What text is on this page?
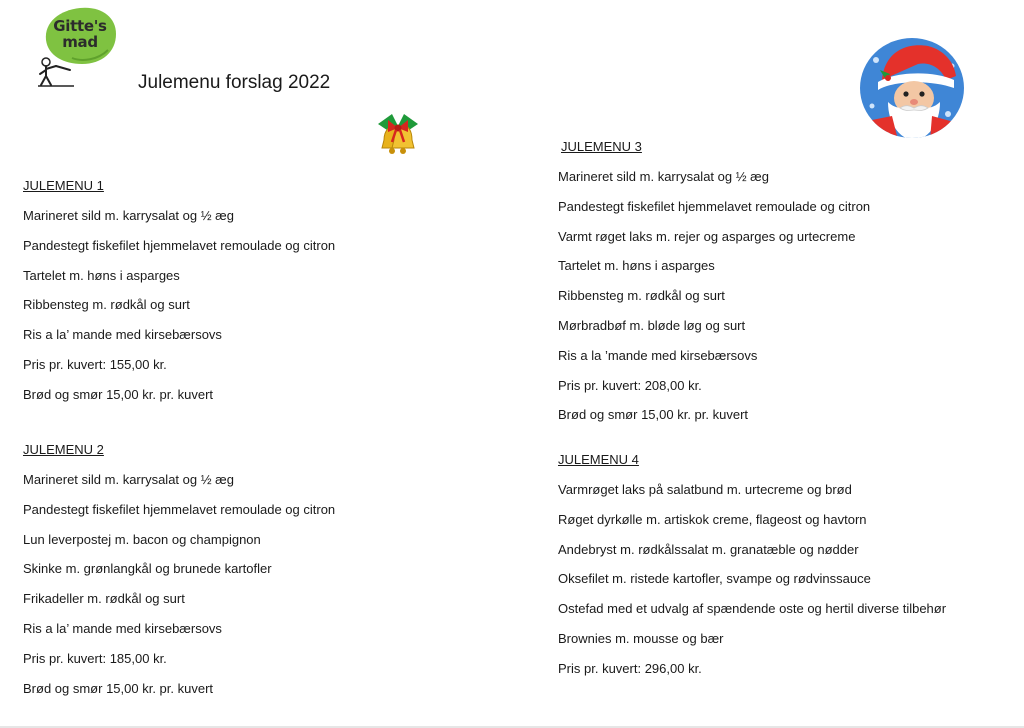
Gitte's
mad
Julemenu forslag 2022
JULEMENU 1
Marineret sild m. karrysalat og ½ æg
Pandestegt fiskefilet hjemmelavet remoulade og citron
Tartelet m. høns i asparges
Ribbensteg m. rødkål og surt
Ris a la’ mande med kirsebærsovs
Pris pr. kuvert: 155,00 kr.
Brød og smør 15,00 kr. pr. kuvert
JULEMENU 2
Marineret sild m. karrysalat og ½ æg
Pandestegt fiskefilet hjemmelavet remoulade og citron
Lun leverpostej m. bacon og champignon
Skinke m. grønlangkål og brunede kartofler
Frikadeller m. rødkål og surt
Ris a la’ mande med kirsebærsovs
Pris pr. kuvert: 185,00 kr.
Brød og smør 15,00 kr. pr. kuvert
JULEMENU 3
Marineret sild m. karrysalat og ½ æg
Pandestegt fiskefilet hjemmelavet remoulade og citron
Varmt røget laks m. rejer og asparges og urtecreme
Tartelet m. høns i asparges
Ribbensteg m. rødkål og surt
Mørbradbøf m. bløde løg og surt
Ris a la ’mande med kirsebærsovs
Pris pr. kuvert: 208,00 kr.
Brød og smør 15,00 kr. pr. kuvert
JULEMENU 4
Varmrøget laks på salatbund m. urtecreme og brød
Røget dyrkølle m. artiskok creme, flageost og havtorn
Andebryst m. rødkålssalat m. granatæble og nødder
Oksefilet m. ristede kartofler, svampe og rødvinssauce
Ostefad med et udvalg af spændende oste og hertil diverse tilbehør
Brownies m. mousse og bær
Pris pr. kuvert: 296,00 kr.
